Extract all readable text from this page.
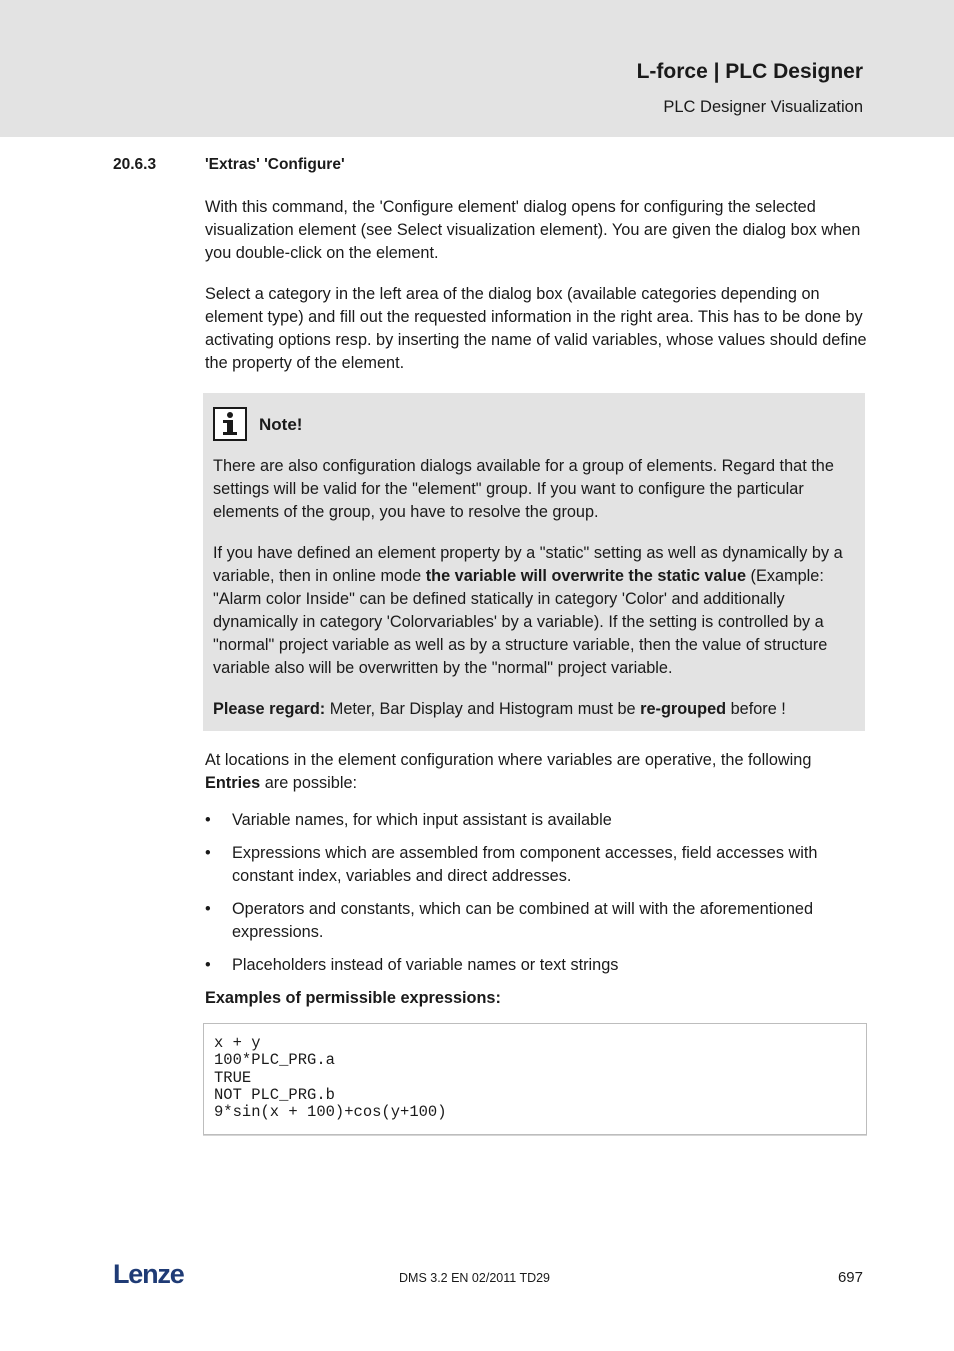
L-force | PLC Designer
PLC Designer Visualization
20.6.3	'Extras' 'Configure'

With this command, the 'Configure element' dialog opens for configuring the selected visualization element (see Select visualization element). You are given the dialog box when you double-click on the element.

Select a category in the left area of the dialog box (available categories depending on element type) and fill out the requested information in the right area. This has to be done by activating options resp. by inserting the name of valid variables, whose values should define the property of the element.

Note!

There are also configuration dialogs available for a group of elements. Regard that the settings will be valid for the "element" group. If you want to configure the particular elements of the group, you have to resolve the group.

If you have defined an element property by a "static" setting as well as dynamically by a variable, then in online mode the variable will overwrite the static value (Example: "Alarm color Inside" can be defined statically in category 'Color' and additionally dynamically in category 'Colorvariables' by a variable). If the setting is controlled by a "normal" project variable as well as by a structure variable, then the value of structure variable also will be overwritten by the "normal" project variable.

Please regard: Meter, Bar Display and Histogram must be re-grouped before !

At locations in the element configuration where variables are operative, the following Entries are possible:

• Variable names, for which input assistant is available
• Expressions which are assembled from component accesses, field accesses with constant index, variables and direct addresses.
• Operators and constants, which can be combined at will with the aforementioned expressions.
• Placeholders instead of variable names or text strings
Examples of permissible expressions:
x + y
100*PLC_PRG.a
TRUE
NOT PLC_PRG.b
9*sin(x + 100)+cos(y+100)
Lenze	DMS 3.2 EN 02/2011 TD29	697
